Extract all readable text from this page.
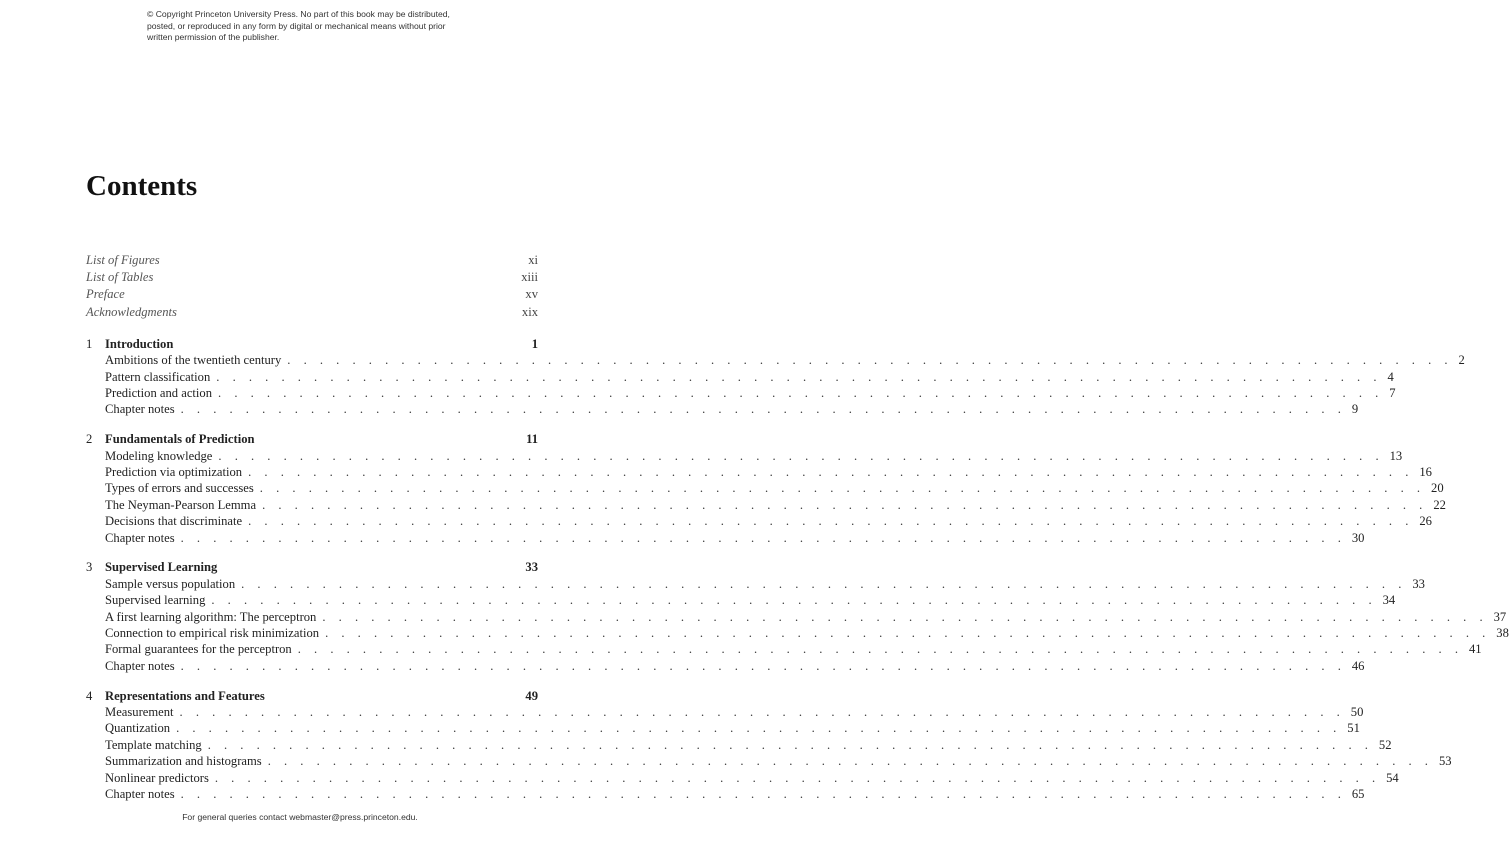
© Copyright Princeton University Press. No part of this book may be distributed, posted, or reproduced in any form by digital or mechanical means without prior written permission of the publisher.
Contents
List of Figures	xi
List of Tables	xiii
Preface	xv
Acknowledgments	xix
1	Introduction	1
Ambitions of the twentieth century . . . . . . . . . . . . . . . . . . . . . . . . . . . . . . . . . . . . . . . . . . . . . . . . . . . . . . . . . . . . . . . . . . . . . . . . 2
Pattern classification . . . . . . . . . . . . . . . . . . . . . . . . . . . . . . . . . . . . . . . . . . . . . . . . . . . . . . . . . . . . . . . . . . . . . . . . 4
Prediction and action . . . . . . . . . . . . . . . . . . . . . . . . . . . . . . . . . . . . . . . . . . . . . . . . . . . . . . . . . . . . . . . . . . . . . . . . 7
Chapter notes . . . . . . . . . . . . . . . . . . . . . . . . . . . . . . . . . . . . . . . . . . . . . . . . . . . . . . . . . . . . . . . . . . . . . . . . 9
2	Fundamentals of Prediction	11
Modeling knowledge . . . . . . . . . . . . . . . . . . . . . . . . . . . . . . . . . . . . . . . . . . . . . . . . . . . . . . . . . . . . . . . . . . . . . . . . 13
Prediction via optimization . . . . . . . . . . . . . . . . . . . . . . . . . . . . . . . . . . . . . . . . . . . . . . . . . . . . . . . . . . . . . . . . . . . . . . . . 16
Types of errors and successes . . . . . . . . . . . . . . . . . . . . . . . . . . . . . . . . . . . . . . . . . . . . . . . . . . . . . . . . . . . . . . . . . . . . . . . . 20
The Neyman-Pearson Lemma . . . . . . . . . . . . . . . . . . . . . . . . . . . . . . . . . . . . . . . . . . . . . . . . . . . . . . . . . . . . . . . . . . . . . . . . 22
Decisions that discriminate . . . . . . . . . . . . . . . . . . . . . . . . . . . . . . . . . . . . . . . . . . . . . . . . . . . . . . . . . . . . . . . . . . . . . . . . 26
Chapter notes . . . . . . . . . . . . . . . . . . . . . . . . . . . . . . . . . . . . . . . . . . . . . . . . . . . . . . . . . . . . . . . . . . . . . . . . 30
3	Supervised Learning	33
Sample versus population . . . . . . . . . . . . . . . . . . . . . . . . . . . . . . . . . . . . . . . . . . . . . . . . . . . . . . . . . . . . . . . . . . . . . . . . 33
Supervised learning . . . . . . . . . . . . . . . . . . . . . . . . . . . . . . . . . . . . . . . . . . . . . . . . . . . . . . . . . . . . . . . . . . . . . . . . 34
A first learning algorithm: The perceptron . . . . . . . . . . . . . . . . . . . . . . . . . . . . . . . . . . . . . . . . . . . . . . . . . . . . . . . . . . . . . . . . . . . . . . . . 37
Connection to empirical risk minimization . . . . . . . . . . . . . . . . . . . . . . . . . . . . . . . . . . . . . . . . . . . . . . . . . . . . . . . . . . . . . . . . . . . . . . . . 38
Formal guarantees for the perceptron . . . . . . . . . . . . . . . . . . . . . . . . . . . . . . . . . . . . . . . . . . . . . . . . . . . . . . . . . . . . . . . . . . . . . . . . 41
Chapter notes . . . . . . . . . . . . . . . . . . . . . . . . . . . . . . . . . . . . . . . . . . . . . . . . . . . . . . . . . . . . . . . . . . . . . . . . 46
4	Representations and Features	49
Measurement . . . . . . . . . . . . . . . . . . . . . . . . . . . . . . . . . . . . . . . . . . . . . . . . . . . . . . . . . . . . . . . . . . . . . . . . 50
Quantization . . . . . . . . . . . . . . . . . . . . . . . . . . . . . . . . . . . . . . . . . . . . . . . . . . . . . . . . . . . . . . . . . . . . . . . . 51
Template matching . . . . . . . . . . . . . . . . . . . . . . . . . . . . . . . . . . . . . . . . . . . . . . . . . . . . . . . . . . . . . . . . . . . . . . . . 52
Summarization and histograms . . . . . . . . . . . . . . . . . . . . . . . . . . . . . . . . . . . . . . . . . . . . . . . . . . . . . . . . . . . . . . . . . . . . . . . . 53
Nonlinear predictors . . . . . . . . . . . . . . . . . . . . . . . . . . . . . . . . . . . . . . . . . . . . . . . . . . . . . . . . . . . . . . . . . . . . . . . . 54
Chapter notes . . . . . . . . . . . . . . . . . . . . . . . . . . . . . . . . . . . . . . . . . . . . . . . . . . . . . . . . . . . . . . . . . . . . . . . . 65
For general queries contact webmaster@press.princeton.edu.
